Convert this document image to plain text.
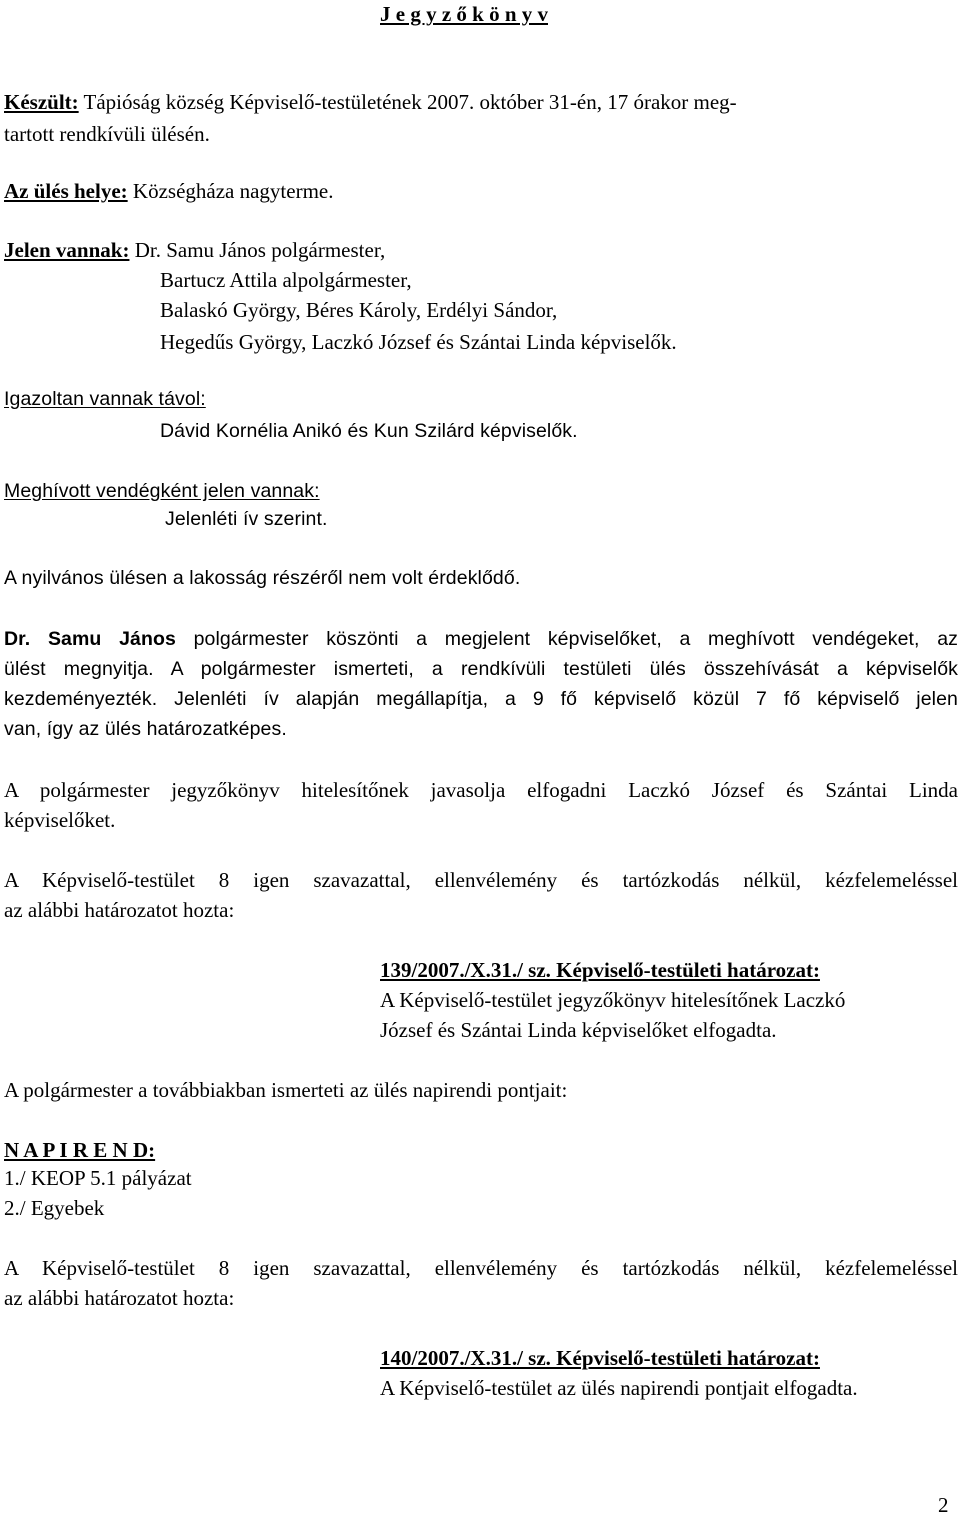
J e g y z ő k ö n y v
Készült: Tápióság község Képviselő-testületének 2007. október 31-én, 17 órakor meg-
tartott rendkívüli ülésén.
Az ülés helye: Községháza nagyterme.
Jelen vannak: Dr. Samu János polgármester,
Bartucz Attila alpolgármester,
Balaskó György, Béres Károly, Erdélyi Sándor,
Hegedűs György, Laczkó József és Szántai Linda képviselők.
Igazoltan vannak távol:
Dávid Kornélia Anikó és Kun Szilárd képviselők.
Meghívott vendégként jelen vannak:
Jelenléti ív szerint.
A nyilvános ülésen a lakosság részéről nem volt érdeklődő.
Dr. Samu János polgármester köszönti a megjelent képviselőket, a meghívott vendégeket, az
ülést megnyitja. A polgármester ismerteti, a rendkívüli testületi ülés összehívását a képviselők
kezdeményezték. Jelenléti ív alapján megállapítja, a 9 fő képviselő közül 7 fő képviselő jelen
van, így az ülés határozatképes.
A polgármester jegyzőkönyv hitelesítőnek javasolja elfogadni Laczkó József és Szántai Linda
képviselőket.
A Képviselő-testület 8 igen szavazattal, ellenvélemény és tartózkodás nélkül, kézfelemeléssel
az alábbi határozatot hozta:
139/2007./X.31./ sz. Képviselő-testületi határozat:
A Képviselő-testület jegyzőkönyv hitelesítőnek Laczkó
József és Szántai Linda képviselőket elfogadta.
A polgármester a továbbiakban ismerteti az ülés napirendi pontjait:
N A P I R E N D:
1./ KEOP 5.1 pályázat
2./ Egyebek
A Képviselő-testület 8 igen szavazattal, ellenvélemény és tartózkodás nélkül, kézfelemeléssel
az alábbi határozatot hozta:
140/2007./X.31./ sz. Képviselő-testületi határozat:
A Képviselő-testület az ülés napirendi pontjait elfogadta.
2
